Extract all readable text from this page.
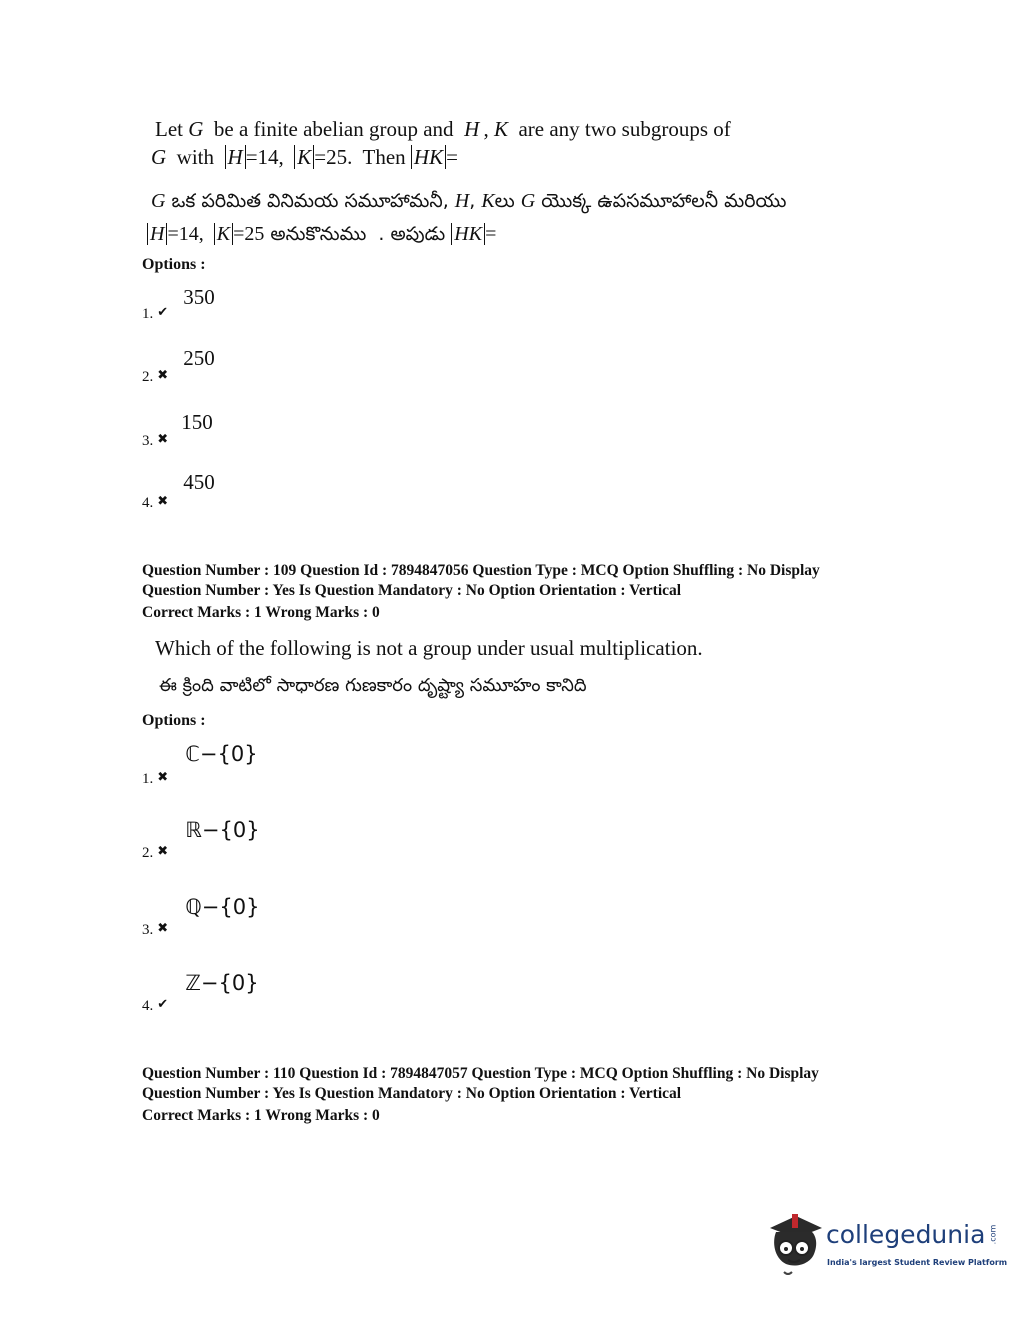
Let G  be a finite abelian group and  H , K  are any two subgroups of
G  with  H =14,  K =25.  Then HK =
G ఒక పరిమిత వినిమయ సమూహామనీ, H, Kలు G యొక్క ఉపసమూహాలనీ మరియు
H =14,  K =25 అనుకొనుము  . అపుడు HK =
Options :
1. ✔ 350
2. ✖ 250
3. ✖ 150
4. ✖ 450
Question Number : 109 Question Id : 7894847056 Question Type : MCQ Option Shuffling : No Display
Question Number : Yes Is Question Mandatory : No Option Orientation : Vertical
Correct Marks : 1 Wrong Marks : 0
Which of the following is not a group under usual multiplication.
ఈ క్రింది వాటిలో సాధారణ గుణకారం దృష్ట్యా సమూహం కానిది
Options :
1. ✖ ℂ−{0}
2. ✖ ℝ−{0}
3. ✖ ℚ−{0}
4. ✔ ℤ−{0}
Question Number : 110 Question Id : 7894847057 Question Type : MCQ Option Shuffling : No Display
Question Number : Yes Is Question Mandatory : No Option Orientation : Vertical
Correct Marks : 1 Wrong Marks : 0
collegedunia .com
India's largest Student Review Platform
